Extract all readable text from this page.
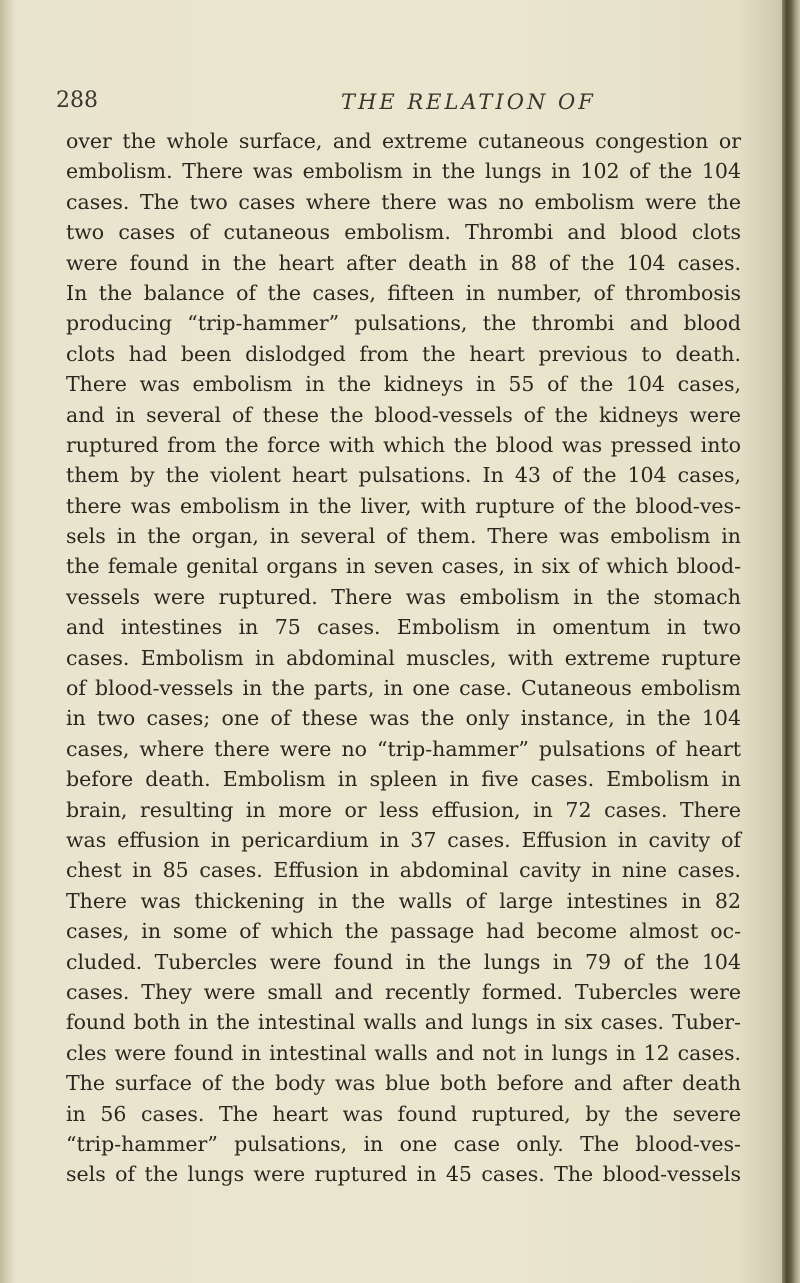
288	THE RELATION OF
over the whole surface, and extreme cutaneous congestion or
embolism. There was embolism in the lungs in 102 of the 104
cases. The two cases where there was no embolism were the
two cases of cutaneous embolism. Thrombi and blood clots
were found in the heart after death in 88 of the 104 cases.
In the balance of the cases, fifteen in number, of thrombosis
producing “trip-hammer” pulsations, the thrombi and blood
clots had been dislodged from the heart previous to death.
There was embolism in the kidneys in 55 of the 104 cases,
and in several of these the blood-vessels of the kidneys were
ruptured from the force with which the blood was pressed into
them by the violent heart pulsations. In 43 of the 104 cases,
there was embolism in the liver, with rupture of the blood-ves-
sels in the organ, in several of them. There was embolism in
the female genital organs in seven cases, in six of which blood-
vessels were ruptured. There was embolism in the stomach
and intestines in 75 cases. Embolism in omentum in two
cases. Embolism in abdominal muscles, with extreme rupture
of blood-vessels in the parts, in one case. Cutaneous embolism
in two cases; one of these was the only instance, in the 104
cases, where there were no “trip-hammer” pulsations of heart
before death. Embolism in spleen in five cases. Embolism in
brain, resulting in more or less effusion, in 72 cases. There
was effusion in pericardium in 37 cases. Effusion in cavity of
chest in 85 cases. Effusion in abdominal cavity in nine cases.
There was thickening in the walls of large intestines in 82
cases, in some of which the passage had become almost oc-
cluded. Tubercles were found in the lungs in 79 of the 104
cases. They were small and recently formed. Tubercles were
found both in the intestinal walls and lungs in six cases. Tuber-
cles were found in intestinal walls and not in lungs in 12 cases.
The surface of the body was blue both before and after death
in 56 cases. The heart was found ruptured, by the severe
“trip-hammer” pulsations, in one case only. The blood-ves-
sels of the lungs were ruptured in 45 cases. The blood-vessels
